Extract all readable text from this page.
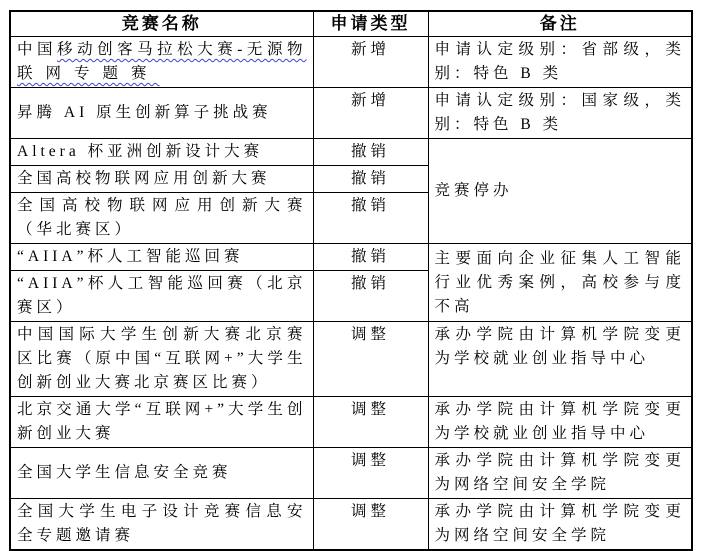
竞赛名称	申请类型	备注
中国移动创客马拉松大赛-无源物联网专题赛	新增	申请认定级别：省部级，类别：特色 B 类
昇腾 AI 原生创新算子挑战赛	新增	申请认定级别：国家级，类别：特色 B 类
Altera 杯亚洲创新设计大赛	撤销	竞赛停办
全国高校物联网应用创新大赛	撤销	
全国高校物联网应用创新大赛（华北赛区）	撤销	
“AIIA”杯人工智能巡回赛	撤销	主要面向企业征集人工智能行业优秀案例，高校参与度不高
“AIIA”杯人工智能巡回赛（北京赛区）	撤销	
中国国际大学生创新大赛北京赛区比赛（原中国“互联网+”大学生创新创业大赛北京赛区比赛）	调整	承办学院由计算机学院变更为学校就业创业指导中心
北京交通大学“互联网+”大学生创新创业大赛	调整	承办学院由计算机学院变更为学校就业创业指导中心
全国大学生信息安全竞赛	调整	承办学院由计算机学院变更为网络空间安全学院
全国大学生电子设计竞赛信息安全专题邀请赛	调整	承办学院由计算机学院变更为网络空间安全学院
